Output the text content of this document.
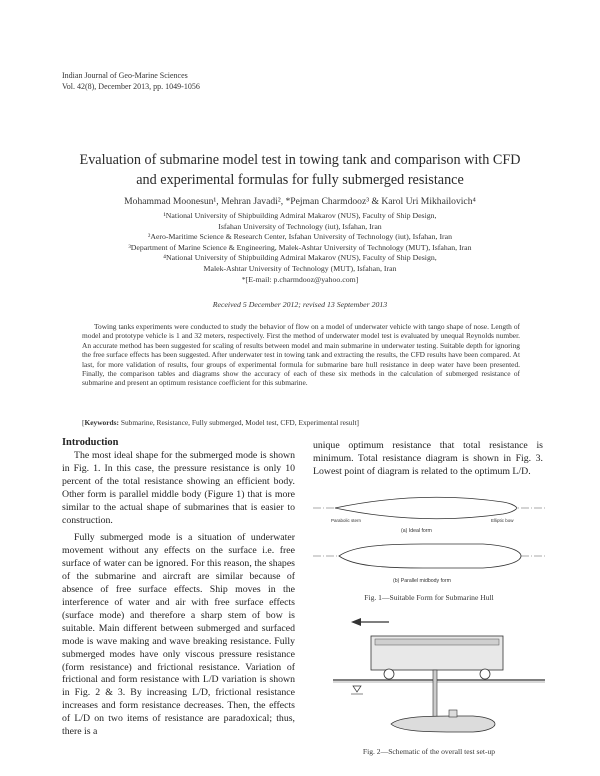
Indian Journal of Geo-Marine Sciences
Vol. 42(8), December 2013, pp. 1049-1056
Evaluation of submarine model test in towing tank and comparison with CFD
and experimental formulas for fully submerged resistance
Mohammad Moonesun¹, Mehran Javadi², *Pejman Charmdooz³ & Karol Uri Mikhailovich⁴
¹National University of Shipbuilding Admiral Makarov (NUS), Faculty of Ship Design,
Isfahan University of Technology (iut), Isfahan, Iran
²Aero-Maritime Science & Research Center, Isfahan University of Technology (iut), Isfahan, Iran
³Department of Marine Science & Engineering, Malek-Ashtar University of Technology (MUT), Isfahan, Iran
⁴National University of Shipbuilding Admiral Makarov (NUS), Faculty of Ship Design,
Malek-Ashtar University of Technology (MUT), Isfahan, Iran
*[E-mail: p.charmdooz@yahoo.com]
Received 5 December 2012; revised 13 September 2013
Towing tanks experiments were conducted to study the behavior of flow on a model of underwater vehicle with tango shape of nose. Length of model and prototype vehicle is 1 and 32 meters, respectively. First the method of underwater model test is evaluated by unequal Reynolds number. An accurate method has been suggested for scaling of results between model and main submarine in underwater testing. Suitable depth for ignoring the free surface effects has been suggested. After underwater test in towing tank and extracting the results, the CFD results have been compared. At last, for more validation of results, four groups of experimental formula for submarine bare hull resistance in deep water have been presented. Finally, the comparison tables and diagrams show the accuracy of each of these six methods in the calculation of submerged resistance of submarine and present an optimum resistance coefficient for this submarine.
[Keywords: Submarine, Resistance, Fully submerged, Model test, CFD, Experimental result]
Introduction

The most ideal shape for the submerged mode is shown in Fig. 1. In this case, the pressure resistance is only 10 percent of the total resistance showing an efficient body. Other form is parallel middle body (Figure 1) that is more similar to the actual shape of submarines that is easier to construction.

Fully submerged mode is a situation of underwater movement without any effects on the surface i.e. free surface of water can be ignored. For this reason, the shapes of the submarine and aircraft are similar because of absence of free surface effects. Ship moves in the interference of water and air with free surface effects (surface mode) and therefore a sharp stem of bow is suitable. Main different between submerged and surfaced mode is wave making and wave breaking resistance. Fully submerged modes have only viscous pressure resistance (form resistance) and frictional resistance. Variation of frictional and form resistance with L/D variation is shown in Fig. 2 & 3. By increasing L/D, frictional resistance increases and form resistance decreases. Then, the effects of L/D on two items of resistance are paradoxical; thus, there is a

unique optimum resistance that total resistance is minimum. Total resistance diagram is shown in Fig. 3. Lowest point of diagram is related to the optimum L/D.

Parabolic stern	Elliptic bow
(a) Ideal form
(b) Parallel midbody form
Fig. 1—Suitable Form for Submarine Hull
Fig. 2—Schematic of the overall test set-up
